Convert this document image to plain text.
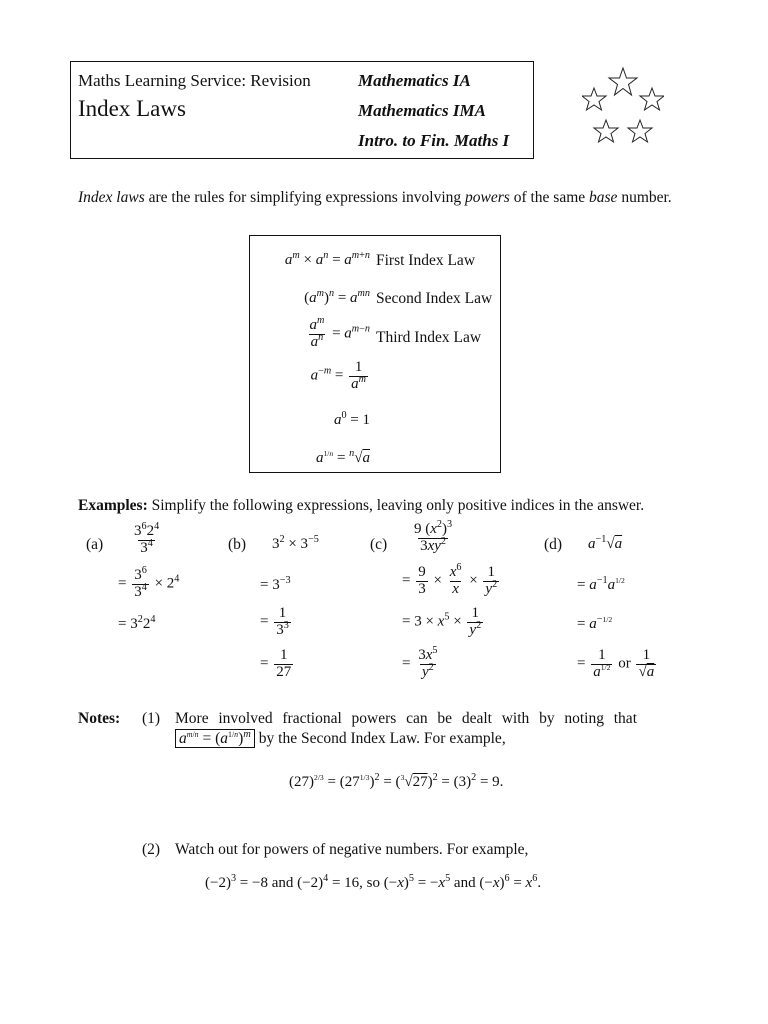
Maths Learning Service: Revision
Index Laws
Mathematics IA
Mathematics IMA
Intro. to Fin. Maths I
Index laws are the rules for simplifying expressions involving powers of the same base number.
$a^m \times a^n = a^{m+n}$ First Index Law
$(a^m)^n = a^{mn}$ Second Index Law
$\frac{a^m}{a^n} = a^{m-n}$ Third Index Law
$a^{-m} = \frac{1}{a^m}$
$a^0 = 1$
$a^{1/n} = ^n√a$
Examples: Simplify the following expressions, leaving only positive indices in the answer.
$(a) \frac{3^62^4}{3^4}$
= $\frac{3^6}{3^4} \times 2^4$
= $3^22^4$
(b) $3^2 \times 3^{-5}$
= $3^{-3}$
= $\frac{1}{3^3}$
= $\frac{1}{27}$
$(c) \frac{9 (x^2)^3}{3xy^2}$
= $\frac{9}{3} \times \frac{x^6}{x} \times \frac{1}{y^2}$
= $3 \times x^5 \times \frac{1}{y^2}$
= $\frac{3x^5}{y^2}$
(d) $a^{-1}√a$
= $a^{-1}a^{1/2}$
= $a^{-1/2}$
= $\frac{1}{a^{1/2}}$ or $\frac{1}{√a}$
Notes: (1) More involved fractional powers can be dealt with by noting that
$a^{m/n} = (a^{1/n})^m$ by the Second Index Law. For example,
$(27)^{2/3} = (27^{1/3})^2 = (^3√27)^2 = (3)^2 = 9$.
(2) Watch out for powers of negative numbers. For example,
$(-2)^3 = -8$ and $(-2)^4 = 16$, so $(-x)^5 = -x^5$ and $(-x)^6 = x^6$.
